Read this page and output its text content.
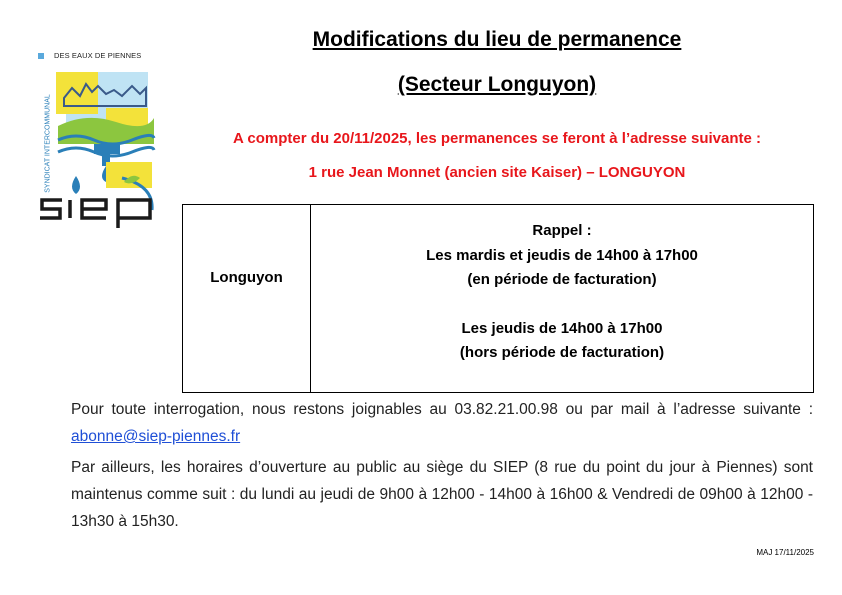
DES EAUX DE PIENNES
SYNDICAT INTERCOMMUNAL
Modifications du lieu de permanence
(Secteur Longuyon)
A compter du 20/11/2025, les permanences se feront à l’adresse suivante :
1 rue Jean Monnet (ancien site Kaiser) – LONGUYON
Longuyon
Rappel :
Les mardis et jeudis de 14h00 à 17h00
(en période de facturation)
Les jeudis de 14h00 à 17h00
(hors période de facturation)
Pour toute interrogation, nous restons joignables au 03.82.21.00.98 ou par mail à l’adresse suivante : abonne@siep-piennes.fr
Par ailleurs, les horaires d’ouverture au public au siège du SIEP (8 rue du point du jour à Piennes) sont maintenus comme suit : du lundi au jeudi de 9h00 à 12h00 - 14h00 à 16h00 & Vendredi de 09h00 à 12h00 - 13h30 à 15h30.
MAJ 17/11/2025
